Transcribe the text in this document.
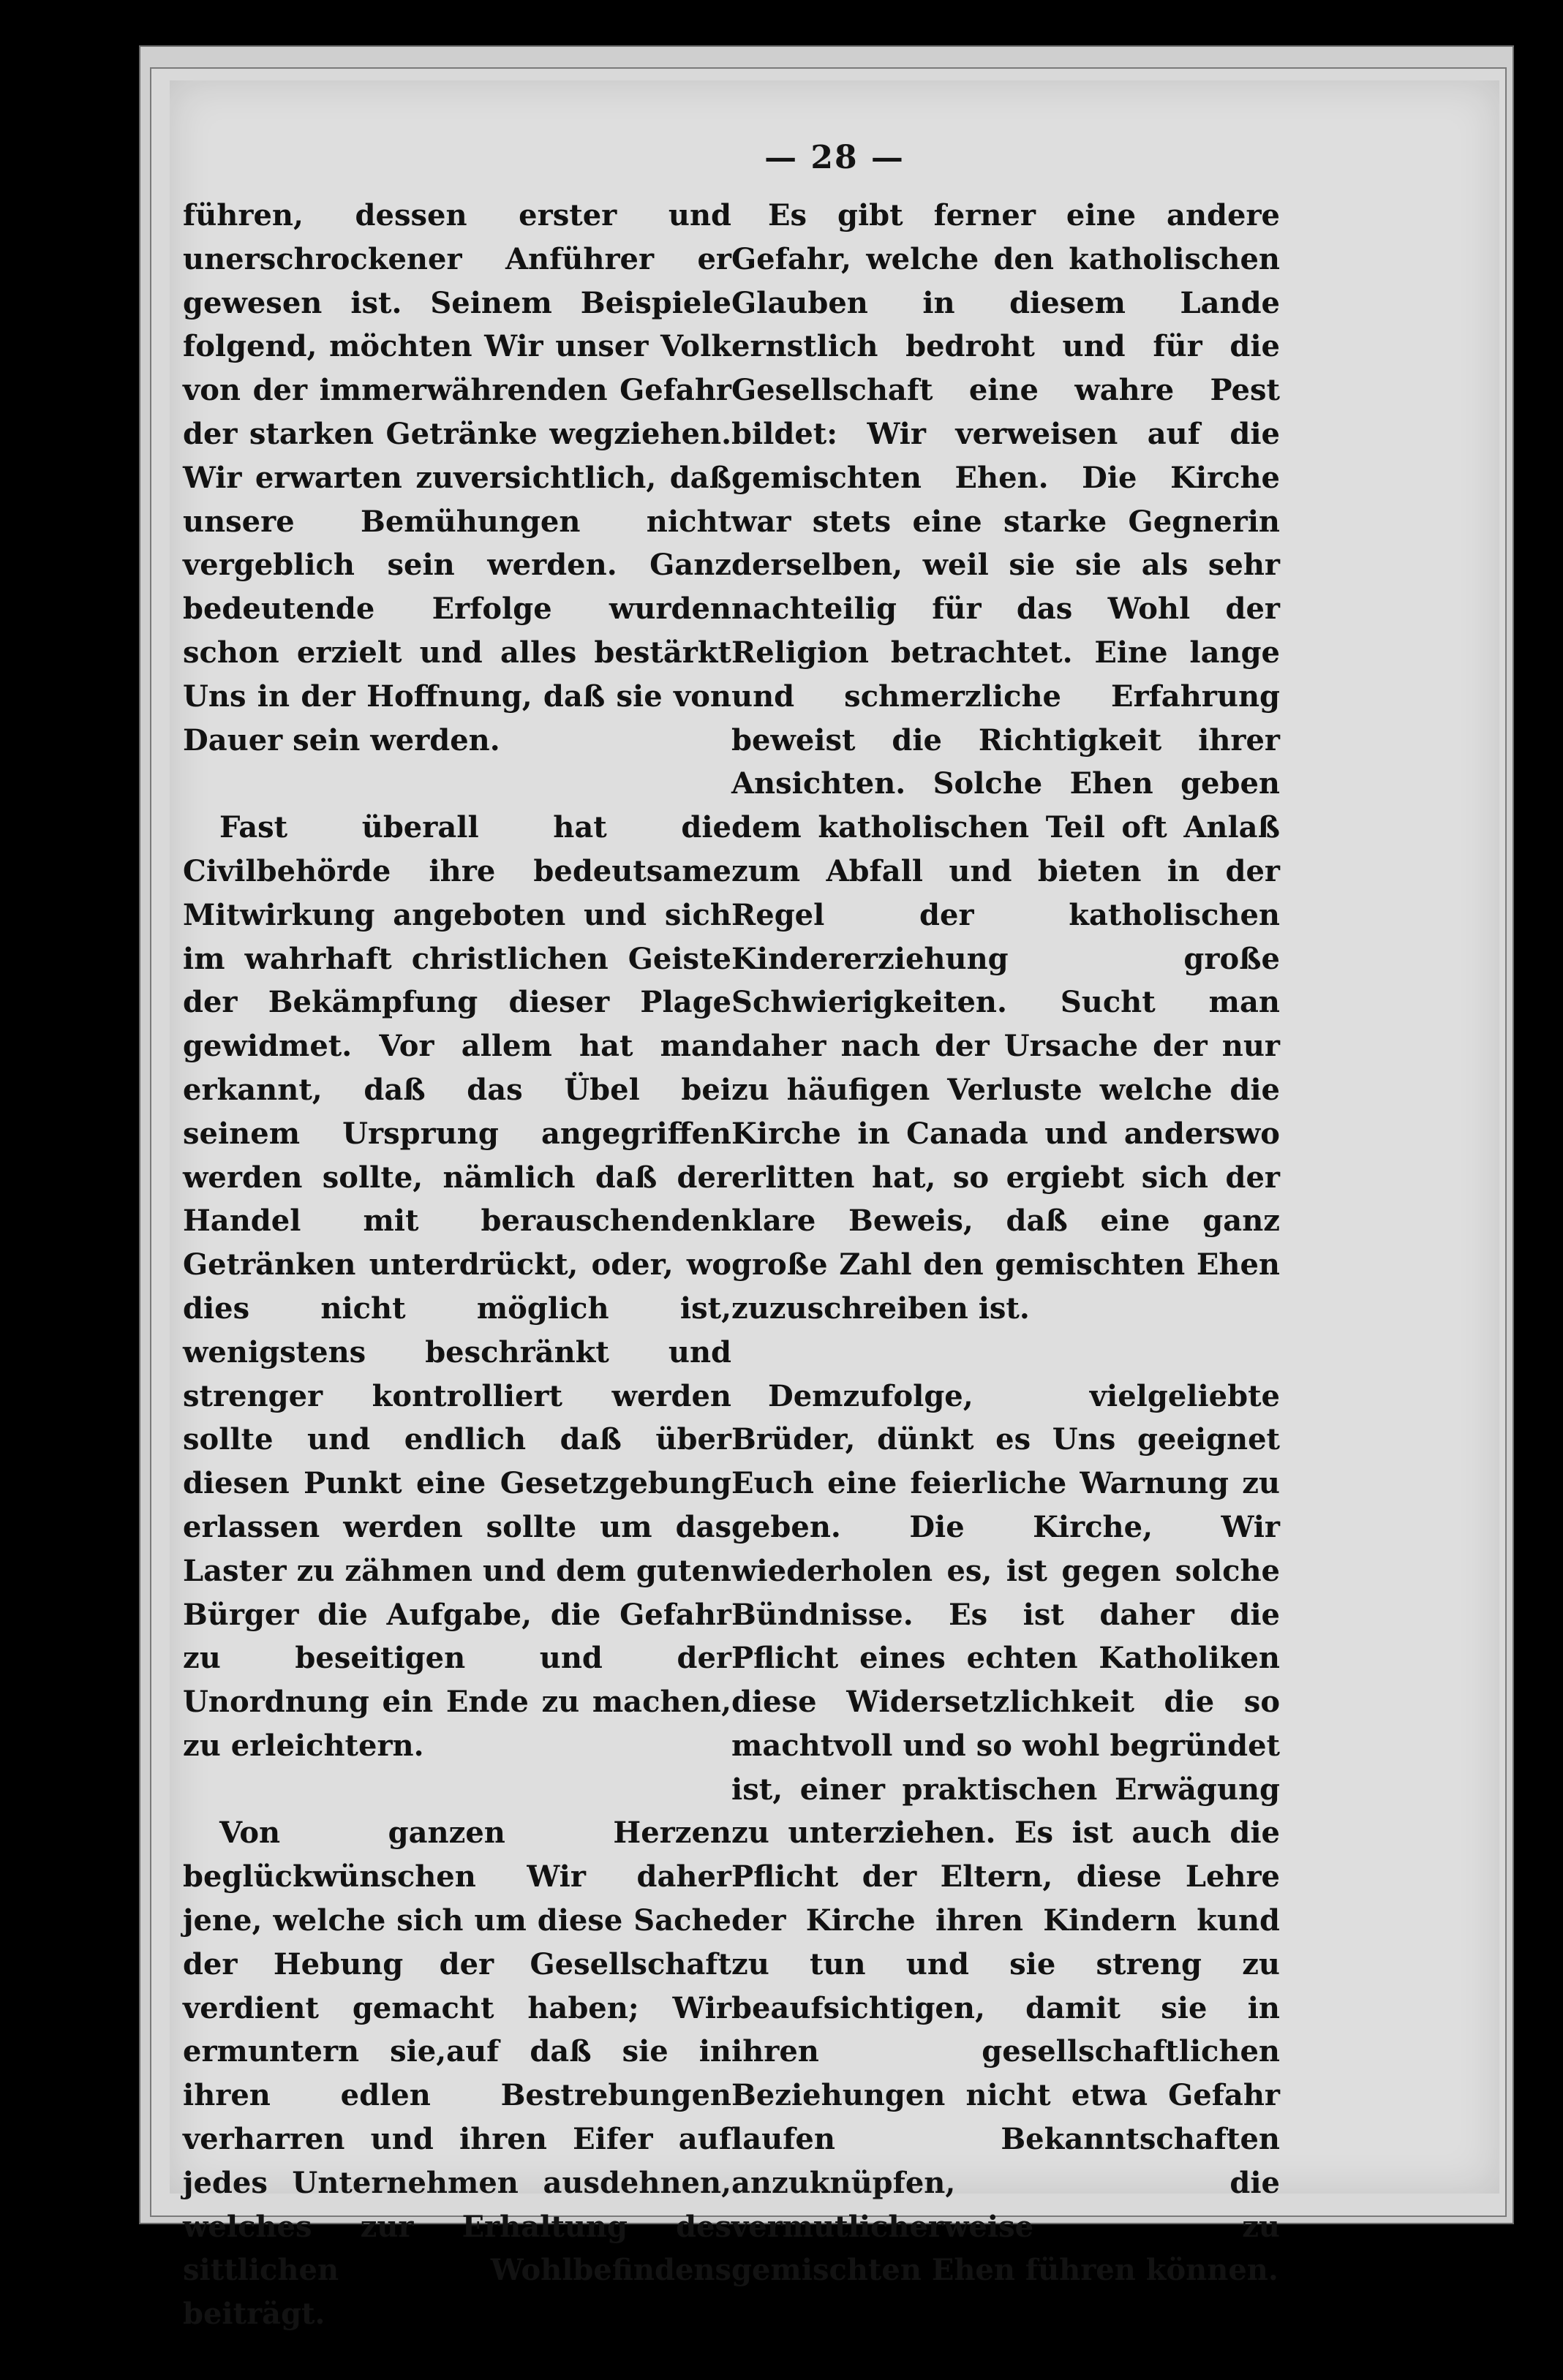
— 28 —

führen, dessen erster und unerschrockener Anführer er gewesen ist. Seinem Beispiele folgend, möchten Wir unser Volk von der immerwährenden Gefahr der starken Getränke wegziehen. Wir erwarten zuversichtlich, daß unsere Bemühungen nicht vergeblich sein werden. Ganz bedeutende Erfolge wurden schon erzielt und alles bestärkt Uns in der Hoffnung, daß sie von Dauer sein werden.

Fast überall hat die Civilbehörde ihre bedeutsame Mitwirkung angeboten und sich im wahrhaft christlichen Geiste der Bekämpfung dieser Plage gewidmet. Vor allem hat man erkannt, daß das Übel bei seinem Ursprung angegriffen werden sollte, nämlich daß der Handel mit berauschenden Getränken unterdrückt, oder, wo dies nicht möglich ist, wenigstens beschränkt und strenger kontrolliert werden sollte und endlich daß über diesen Punkt eine Gesetzgebung erlassen werden sollte um das Laster zu zähmen und dem guten Bürger die Aufgabe, die Gefahr zu beseitigen und der Unordnung ein Ende zu machen, zu erleichtern.

Von ganzen Herzen beglückwünschen Wir daher jene, welche sich um diese Sache der Hebung der Gesellschaft verdient gemacht haben; Wir ermuntern sie,auf daß sie in ihren edlen Bestrebungen verharren und ihren Eifer auf jedes Unternehmen ausdehnen, welches zur Erhaltung des sittlichen Wohlbefindens beiträgt.

Es gibt ferner eine andere Gefahr, welche den katholischen Glauben in diesem Lande ernstlich bedroht und für die Gesellschaft eine wahre Pest bildet: Wir verweisen auf die gemischten Ehen. Die Kirche war stets eine starke Gegnerin derselben, weil sie sie als sehr nachteilig für das Wohl der Religion betrachtet. Eine lange und schmerzliche Erfahrung beweist die Richtigkeit ihrer Ansichten. Solche Ehen geben dem katholischen Teil oft Anlaß zum Abfall und bieten in der Regel der katholischen Kindererziehung große Schwierigkeiten. Sucht man daher nach der Ursache der nur zu häufigen Verluste welche die Kirche in Canada und anderswo erlitten hat, so ergiebt sich der klare Beweis, daß eine ganz große Zahl den gemischten Ehen zuzuschreiben ist.

Demzufolge, vielgeliebte Brüder, dünkt es Uns geeignet Euch eine feierliche Warnung zu geben. Die Kirche, Wir wiederholen es, ist gegen solche Bündnisse. Es ist daher die Pflicht eines echten Katholiken diese Widersetzlichkeit die so machtvoll und so wohl begründet ist, einer praktischen Erwägung zu unterziehen. Es ist auch die Pflicht der Eltern, diese Lehre der Kirche ihren Kindern kund zu tun und sie streng zu beaufsichtigen, damit sie in ihren gesellschaftlichen Beziehungen nicht etwa Gefahr laufen Bekanntschaften anzuknüpfen, die vermutlicherweise zu gemischten Ehen führen können.
